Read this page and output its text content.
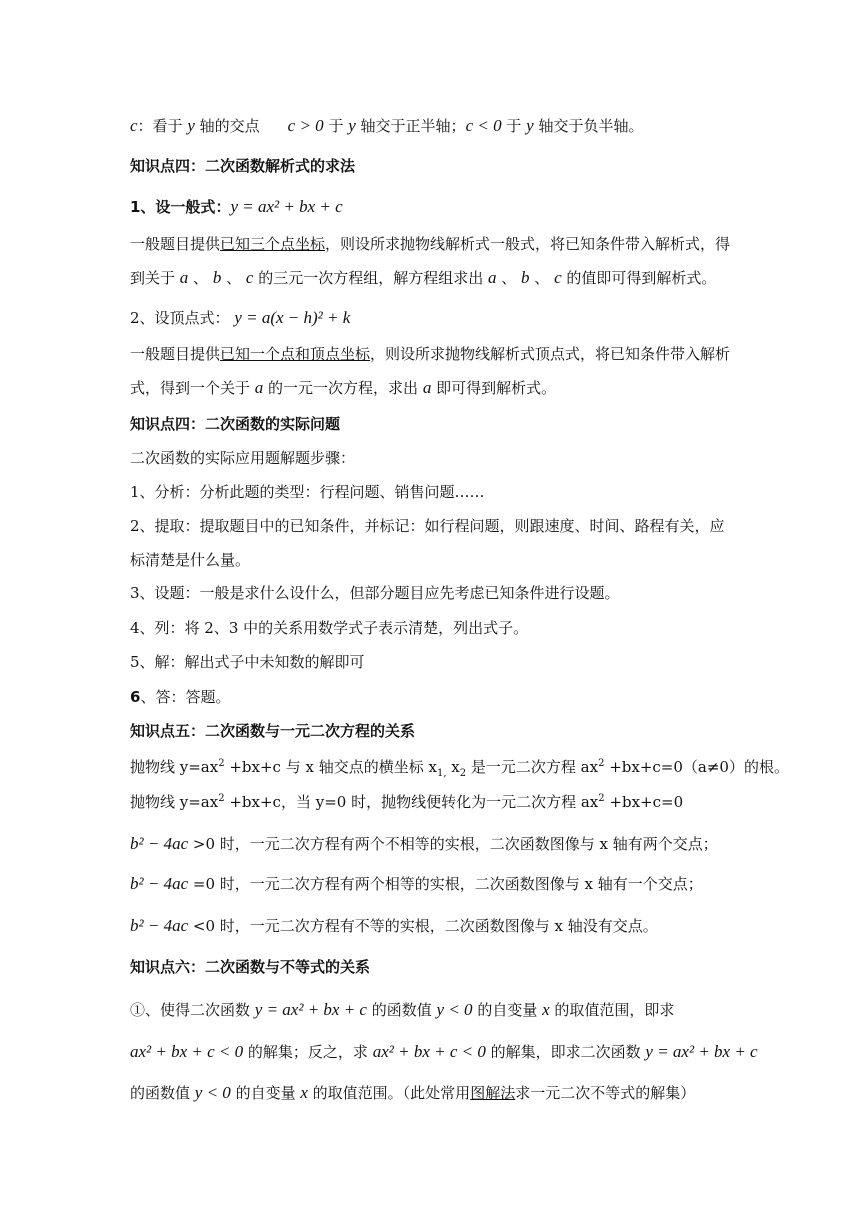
c：看于 y 轴的交点 c > 0 于 y 轴交于正半轴；c < 0 于 y 轴交于负半轴。
知识点四：二次函数解析式的求法
1、设一般式：y = ax² + bx + c
一般题目提供已知三个点坐标，则设所求抛物线解析式一般式，将已知条件带入解析式，得
到关于 a 、 b 、 c 的三元一次方程组，解方程组求出 a 、 b 、 c 的值即可得到解析式。
2、设顶点式： y = a(x − h)² + k
一般题目提供已知一个点和顶点坐标，则设所求抛物线解析式顶点式，将已知条件带入解析
式，得到一个关于 a 的一元一次方程，求出 a 即可得到解析式。
知识点四：二次函数的实际问题
二次函数的实际应用题解题步骤：
1、分析：分析此题的类型：行程问题、销售问题……
2、提取：提取题目中的已知条件，并标记：如行程问题，则跟速度、时间、路程有关，应
标清楚是什么量。
3、设题：一般是求什么设什么，但部分题目应先考虑已知条件进行设题。
4、列：将 2、3 中的关系用数学式子表示清楚，列出式子。
5、解：解出式子中未知数的解即可
6、答：答题。
知识点五：二次函数与一元二次方程的关系
抛物线 $y=ax^2 +bx+c$ 与 x 轴交点的横坐标 $x_{1,}$ $x_2$ 是一元二次方程 $ax^2 +bx+c=0(a\ne 0)$的根。
抛物线 $y=ax^2 +bx+c$，当 y=0 时，抛物线便转化为一元二次方程 $ax^2 +bx+c=0$
b² − 4ac >0 时，一元二次方程有两个不相等的实根，二次函数图像与 x 轴有两个交点；
b² − 4ac =0 时，一元二次方程有两个相等的实根，二次函数图像与 x 轴有一个交点；
b² − 4ac <0 时，一元二次方程有不等的实根，二次函数图像与 x 轴没有交点。
知识点六：二次函数与不等式的关系
①、使得二次函数 y = ax² + bx + c 的函数值 y < 0 的自变量 x 的取值范围，即求
ax² + bx + c < 0 的解集；反之，求 ax² + bx + c < 0 的解集，即求二次函数 y = ax² + bx + c
的函数值 y < 0 的自变量 x 的取值范围。（此处常用图解法求一元二次不等式的解集）
